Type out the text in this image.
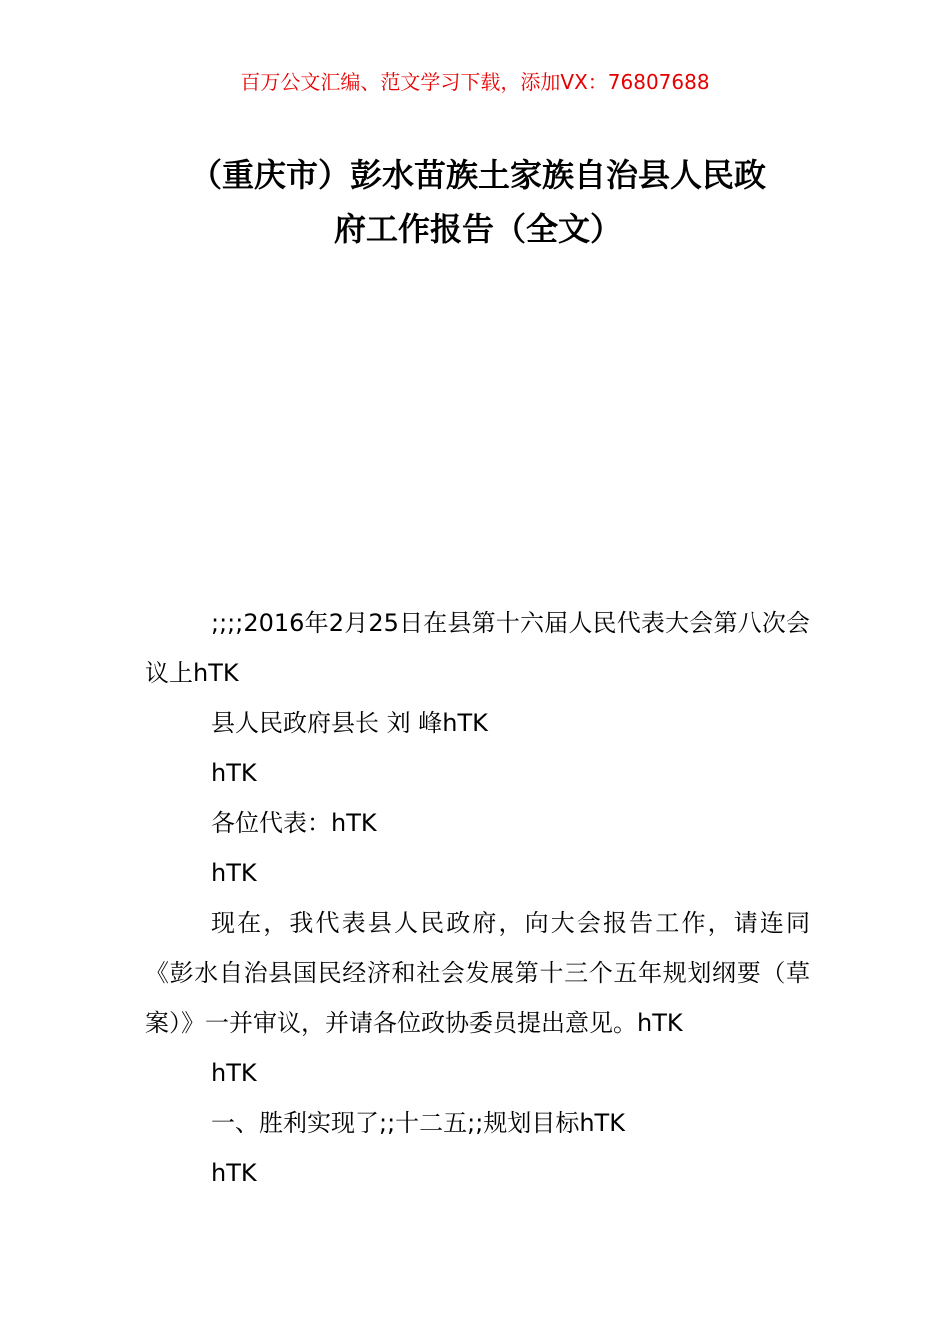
百万公文汇编、范文学习下载，添加VX：76807688
（重庆市）彭水苗族土家族自治县人民政
府工作报告（全文）

;;;;2016年2月25日在县第十六届人民代表大会第八次会议上hTK

县人民政府县长 刘 峰hTK

hTK

各位代表：hTK

hTK

现在，我代表县人民政府，向大会报告工作，请连同《彭水自治县国民经济和社会发展第十三个五年规划纲要（草案）》一并审议，并请各位政协委员提出意见。hTK

hTK

一、胜利实现了;;十二五;;规划目标hTK

hTK
